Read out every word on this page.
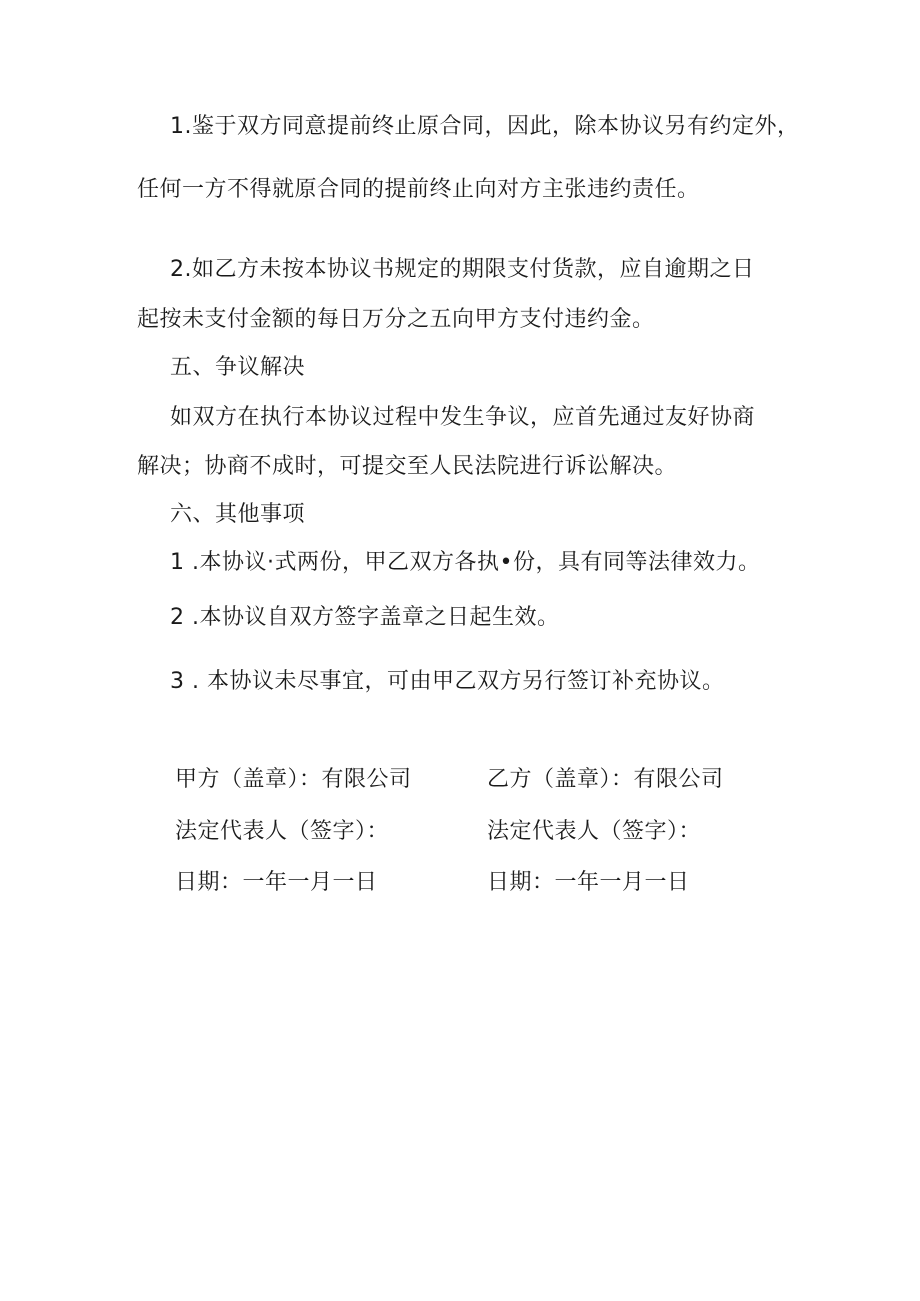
1.鉴于双方同意提前终止原合同，因此，除本协议另有约定外，
任何一方不得就原合同的提前终止向对方主张违约责任。
2.如乙方未按本协议书规定的期限支付货款，应自逾期之日
起按未支付金额的每日万分之五向甲方支付违约金。
五、争议解决
如双方在执行本协议过程中发生争议，应首先通过友好协商
解决；协商不成时，可提交至人民法院进行诉讼解决。
六、其他事项
1 .本协议·式两份，甲乙双方各执•份，具有同等法律效力。
2 .本协议自双方签字盖章之日起生效。
3 . 本协议未尽事宜，可由甲乙双方另行签订补充协议。
甲方（盖章）：有限公司	乙方（盖章）：有限公司
法定代表人（签字）：	法定代表人（签字）：
日期：一年一月一日	日期：一年一月一日
